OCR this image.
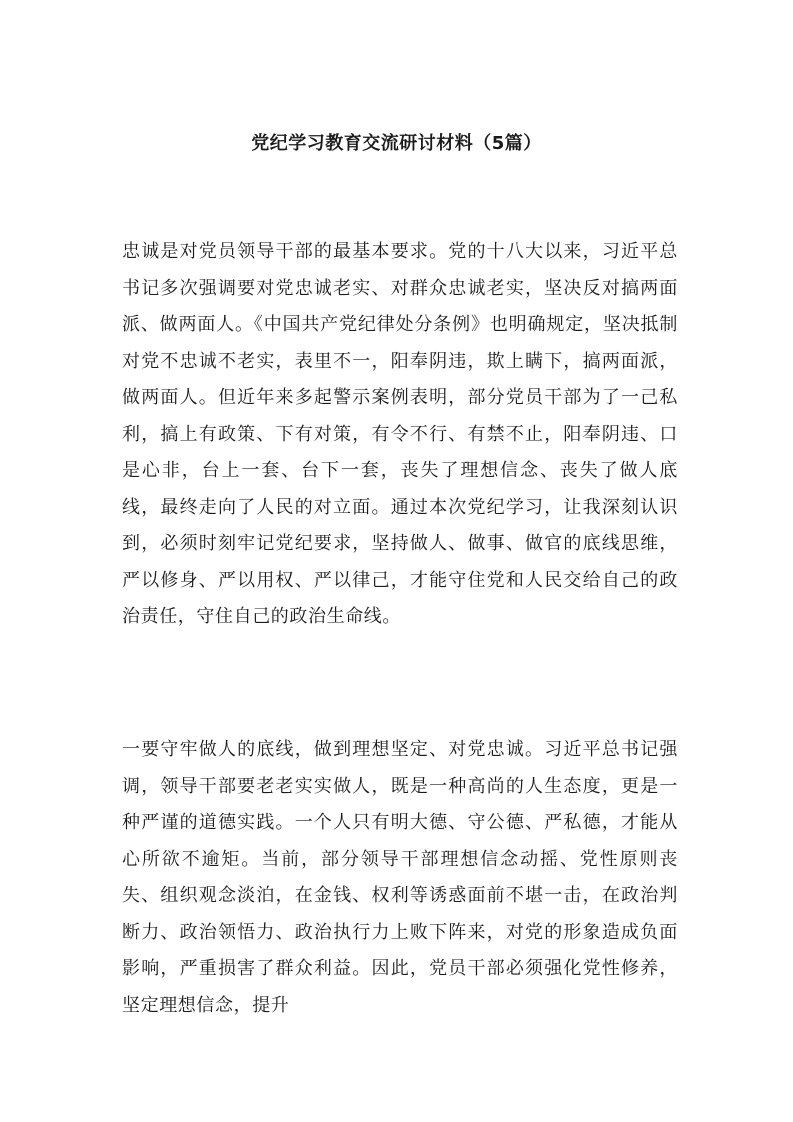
党纪学习教育交流研讨材料（5篇）

忠诚是对党员领导干部的最基本要求。党的十八大以来，习近平总书记多次强调要对党忠诚老实、对群众忠诚老实，坚决反对搞两面派、做两面人。《中国共产党纪律处分条例》也明确规定，坚决抵制对党不忠诚不老实，表里不一，阳奉阴违，欺上瞒下，搞两面派，做两面人。但近年来多起警示案例表明，部分党员干部为了一己私利，搞上有政策、下有对策，有令不行、有禁不止，阳奉阴违、口是心非，台上一套、台下一套，丧失了理想信念、丧失了做人底线，最终走向了人民的对立面。通过本次党纪学习，让我深刻认识到，必须时刻牢记党纪要求，坚持做人、做事、做官的底线思维，严以修身、严以用权、严以律己，才能守住党和人民交给自己的政治责任，守住自己的政治生命线。

一要守牢做人的底线，做到理想坚定、对党忠诚。习近平总书记强调，领导干部要老老实实做人，既是一种高尚的人生态度，更是一种严谨的道德实践。一个人只有明大德、守公德、严私德，才能从心所欲不逾矩。当前，部分领导干部理想信念动摇、党性原则丧失、组织观念淡泊，在金钱、权利等诱惑面前不堪一击，在政治判断力、政治领悟力、政治执行力上败下阵来，对党的形象造成负面影响，严重损害了群众利益。因此，党员干部必须强化党性修养，坚定理想信念，提升
